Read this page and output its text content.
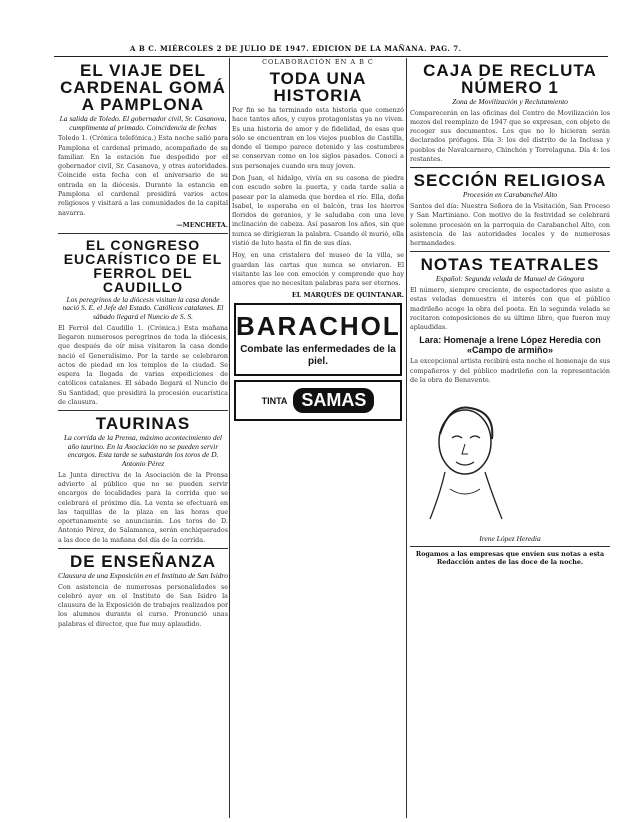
A B C. MIÉRCOLES 2 DE JULIO DE 1947. EDICION DE LA MAÑANA. PAG. 7.
EL VIAJE DEL CARDENAL GOMÁ A PAMPLONA
La salida de Toledo. El gobernador civil, Sr. Casanova, cumplimenta al primado. Coincidencia de fechas
Toledo 1. (Crónica telefónica.) Esta noche salió para Pamplona el cardenal primado, acompañado de su familiar. En la estación fue despedido por el gobernador civil, Sr. Casanova, y otras autoridades. Coincide esta fecha con el aniversario de su entrada en la diócesis. Durante la estancia en Pamplona el cardenal presidirá varios actos religiosos y visitará a las comunidades de la capital navarra.
—MENCHETA.
EL CONGRESO EUCARÍSTICO DE EL FERROL DEL CAUDILLO
Los peregrinos de la diócesis visitan la casa donde nació S. E. el Jefe del Estado. Católicos catalanes. El sábado llegará el Nuncio de S. S.
El Ferrol del Caudillo 1. (Crónica.) Esta mañana llegaron numerosos peregrinos de toda la diócesis, que después de oír misa visitaron la casa donde nació el Generalísimo. Por la tarde se celebraron actos de piedad en los templos de la ciudad. Se espera la llegada de varias expediciones de católicos catalanes. El sábado llegará el Nuncio de Su Santidad, que presidirá la procesión eucarística de clausura.
TAURINAS
La corrida de la Prensa, máximo acontecimiento del año taurino. En la Asociación no se pueden servir encargos. Esta tarde se subastarán los toros de D. Antonio Pérez
La Junta directiva de la Asociación de la Prensa advierte al público que no se pueden servir encargos de localidades para la corrida que se celebrará el próximo día. La venta se efectuará en las taquillas de la plaza en las horas que oportunamente se anunciarán. Los toros de D. Antonio Pérez, de Salamanca, serán enchiquerados a las doce de la mañana del día de la corrida.
DE ENSEÑANZA
Clausura de una Exposición en el Instituto de San Isidro
Con asistencia de numerosas personalidades se celebró ayer en el Instituto de San Isidro la clausura de la Exposición de trabajos realizados por los alumnos durante el curso. Pronunció unas palabras el director, que fue muy aplaudido.
COLABORACIÓN EN A B C
TODA UNA HISTORIA
Por fin se ha terminado esta historia que comenzó hace tantos años, y cuyos protagonistas ya no viven. Es una historia de amor y de fidelidad, de esas que sólo se encuentran en los viejos pueblos de Castilla, donde el tiempo parece detenido y las costumbres se conservan como en los siglos pasados. Conocí a sus personajes cuando era muy joven.
Don Juan, el hidalgo, vivía en su casona de piedra con escudo sobre la puerta, y cada tarde salía a pasear por la alameda que bordea el río. Ella, doña Isabel, le esperaba en el balcón, tras los hierros floridos de geranios, y le saludaba con una leve inclinación de cabeza. Así pasaron los años, sin que nunca se dirigieran la palabra. Cuando él murió, ella vistió de luto hasta el fin de sus días.
Hoy, en una cristalera del museo de la villa, se guardan las cartas que nunca se enviaron. El visitante las lee con emoción y comprende que hay amores que no necesitan palabras para ser eternos.
EL MARQUÉS DE QUINTANAR.
BARACHOL
Combate las enfermedades de la piel.
TINTA SAMAS
CAJA DE RECLUTA NÚMERO 1
Zona de Movilización y Reclutamiento
Comparecerán en las oficinas del Centro de Movilización los mozos del reemplazo de 1947 que se expresan, con objeto de recoger sus documentos. Los que no lo hicieran serán declarados prófugos. Día 3: los del distrito de la Inclusa y pueblos de Navalcarnero, Chinchón y Torrelaguna. Día 4: los restantes.
SECCIÓN RELIGIOSA
Procesión en Carabanchel Alto
Santos del día: Nuestra Señora de la Visitación, San Proceso y San Martiniano. Con motivo de la festividad se celebrará solemne procesión en la parroquia de Carabanchel Alto, con asistencia de las autoridades locales y de numerosas hermandades.
NOTAS TEATRALES
Español: Segunda velada de Manuel de Góngora
El número, siempre creciente, de espectadores que asiste a estas veladas demuestra el interés con que el público madrileño acoge la obra del poeta. En la segunda velada se recitaron composiciones de su último libro, que fueron muy aplaudidas.
Lara: Homenaje a Irene López Heredia con «Campo de armiño»
La excepcional artista recibirá esta noche el homenaje de sus compañeros y del público madrileño con la representación de la obra de Benavente.
Irene López Heredia
Rogamos a las empresas que envíen sus notas a esta Redacción antes de las doce de la noche.
